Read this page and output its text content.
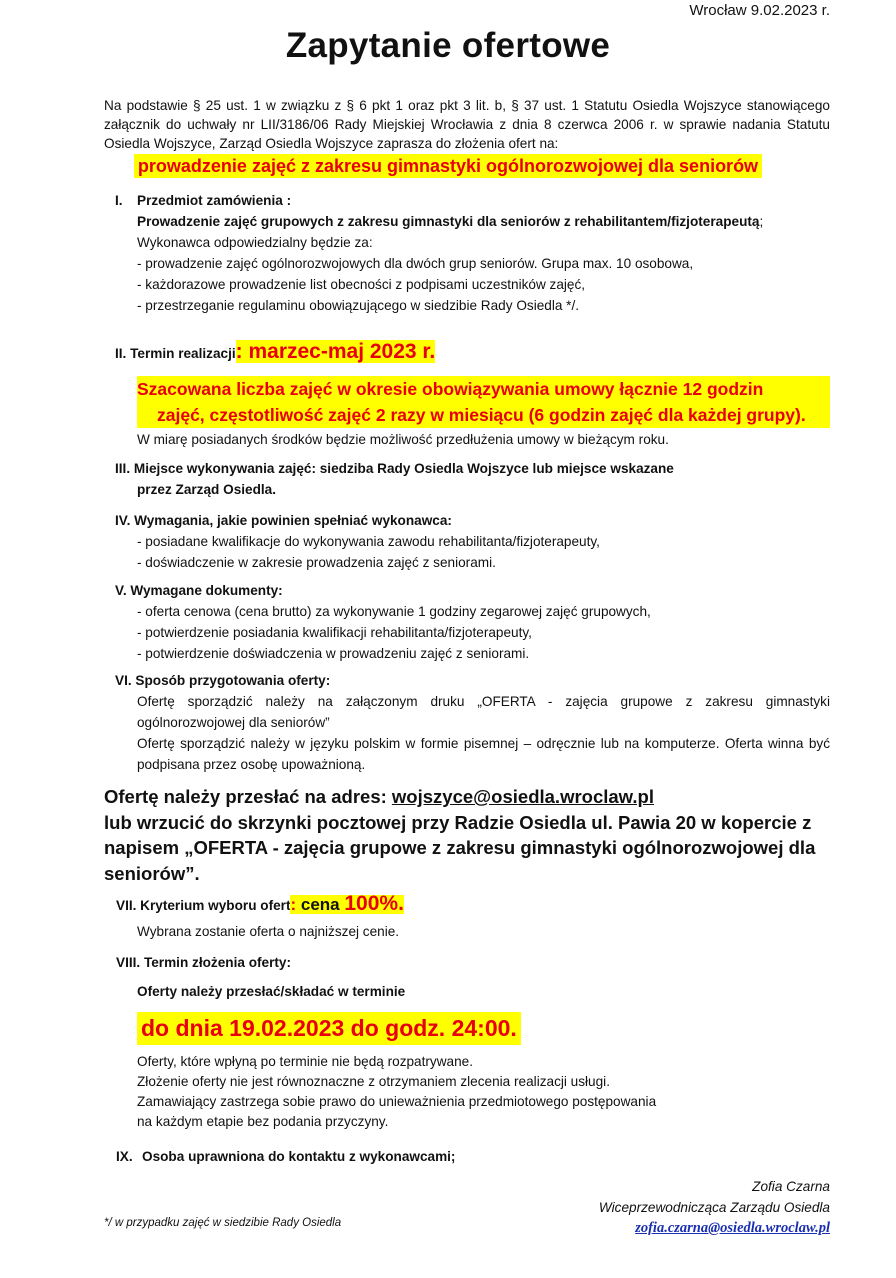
Wrocław 9.02.2023 r.
Zapytanie ofertowe
Na podstawie § 25 ust. 1 w związku z § 6 pkt 1 oraz pkt 3 lit. b, § 37 ust. 1 Statutu Osiedla Wojszyce stanowiącego załącznik do uchwały nr LII/3186/06 Rady Miejskiej Wrocławia z dnia 8 czerwca 2006 r. w sprawie nadania Statutu Osiedla Wojszyce, Zarząd Osiedla Wojszyce zaprasza do złożenia ofert na:
prowadzenie zajęć z zakresu gimnastyki ogólnorozwojowej dla seniorów
I. Przedmiot zamówienia :
Prowadzenie zajęć grupowych z zakresu gimnastyki dla seniorów z rehabilitantem/fizjoterapeutą;
Wykonawca odpowiedzialny będzie za:
- prowadzenie zajęć ogólnorozwojowych dla dwóch grup seniorów. Grupa max. 10 osobowa,
- każdorazowe prowadzenie list obecności z podpisami uczestników zajęć,
- przestrzeganie regulaminu obowiązującego w siedzibie Rady Osiedla */.
II. Termin realizacji: marzec-maj 2023 r.
Szacowana liczba zajęć w okresie obowiązywania umowy łącznie 12 godzin
zajęć, częstotliwość zajęć 2 razy w miesiącu (6 godzin zajęć dla każdej grupy).
W miarę posiadanych środków będzie możliwość przedłużenia umowy w bieżącym roku.
III. Miejsce wykonywania zajęć: siedziba Rady Osiedla Wojszyce lub miejsce wskazane
przez Zarząd Osiedla.
IV. Wymagania, jakie powinien spełniać wykonawca:
- posiadane kwalifikacje do wykonywania zawodu rehabilitanta/fizjoterapeuty,
- doświadczenie w zakresie prowadzenia zajęć z seniorami.
V. Wymagane dokumenty:
- oferta cenowa (cena brutto) za wykonywanie 1 godziny zegarowej zajęć grupowych,
- potwierdzenie posiadania kwalifikacji rehabilitanta/fizjoterapeuty,
- potwierdzenie doświadczenia w prowadzeniu zajęć z seniorami.
VI. Sposób przygotowania oferty:
Ofertę sporządzić należy na załączonym druku „OFERTA - zajęcia grupowe z zakresu gimnastyki ogólnorozwojowej dla seniorów”
Ofertę sporządzić należy w języku polskim w formie pisemnej – odręcznie lub na komputerze. Oferta winna być podpisana przez osobę upoważnioną.
Ofertę należy przesłać na adres: wojszyce@osiedla.wroclaw.pl
lub wrzucić do skrzynki pocztowej przy Radzie Osiedla ul. Pawia 20 w kopercie z napisem „OFERTA - zajęcia grupowe z zakresu gimnastyki ogólnorozwojowej dla seniorów”.
VII. Kryterium wyboru ofert: cena 100%.
Wybrana zostanie oferta o najniższej cenie.
VIII. Termin złożenia oferty:
Oferty należy przesłać/składać w terminie
do dnia 19.02.2023 do godz. 24:00.
Oferty, które wpłyną po terminie nie będą rozpatrywane.
Złożenie oferty nie jest równoznaczne z otrzymaniem zlecenia realizacji usługi.
Zamawiający zastrzega sobie prawo do unieważnienia przedmiotowego postępowania
na każdym etapie bez podania przyczyny.
IX. Osoba uprawniona do kontaktu z wykonawcami;
Zofia Czarna
Wiceprzewodnicząca Zarządu Osiedla
zofia.czarna@osiedla.wroclaw.pl
*/ w przypadku zajęć w siedzibie Rady Osiedla
